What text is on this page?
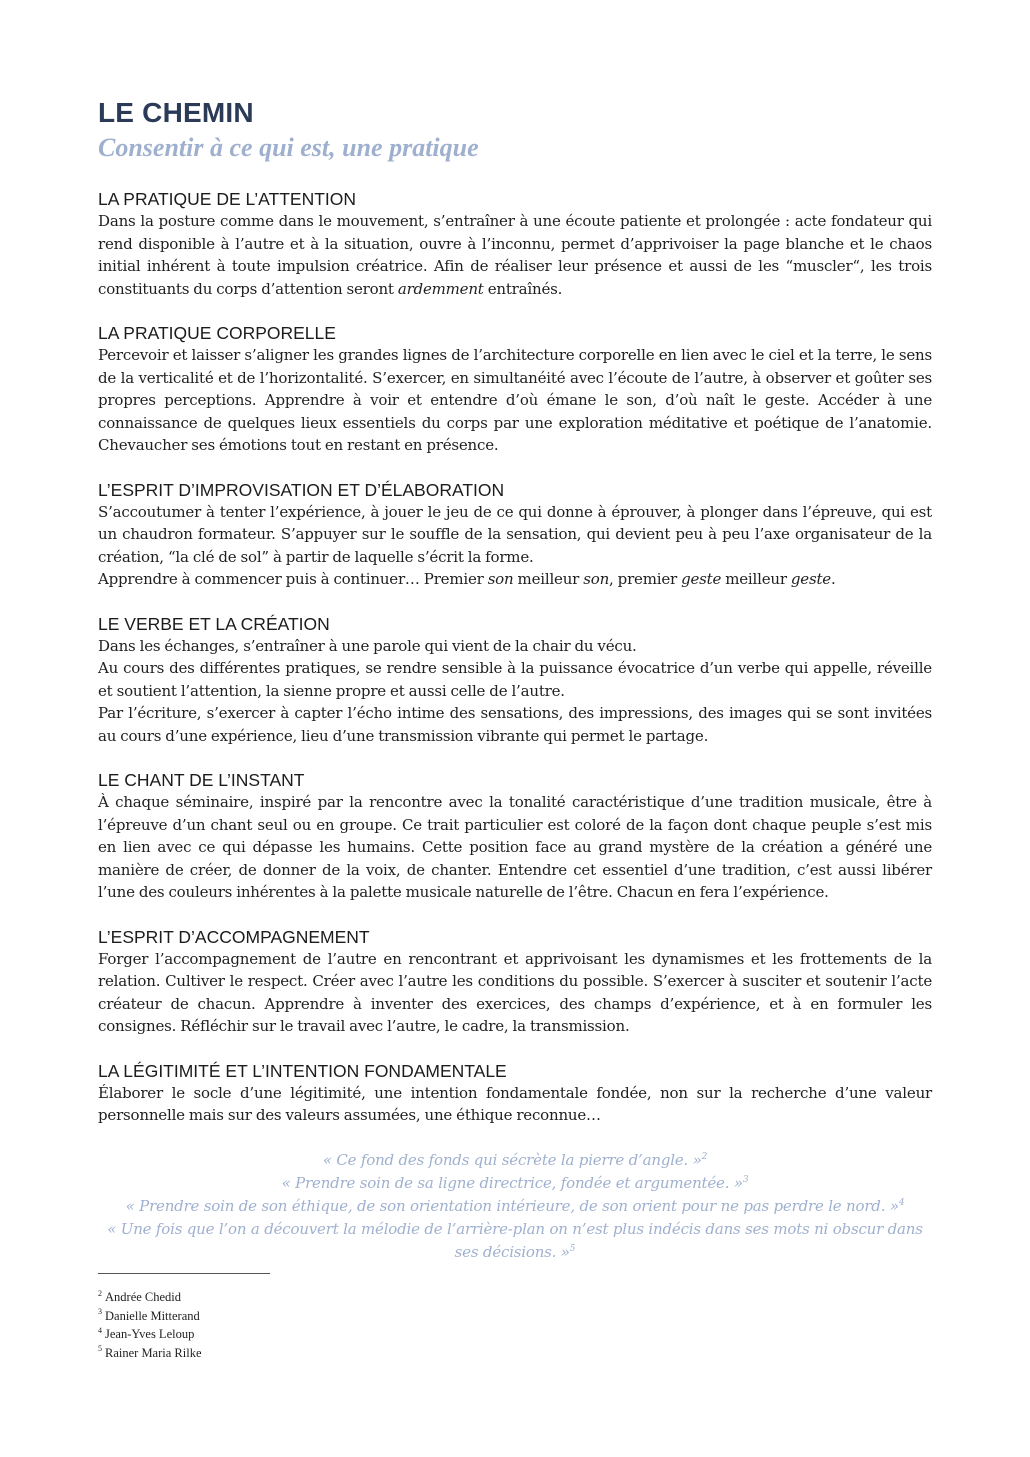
LE CHEMIN
Consentir à ce qui est, une pratique
LA PRATIQUE DE L’ATTENTION

Dans la posture comme dans le mouvement, s’entraîner à une écoute patiente et prolongée : acte fondateur qui rend disponible à l’autre et à la situation, ouvre à l’inconnu, permet d’apprivoiser la page blanche et le chaos initial inhérent à toute impulsion créatrice. Afin de réaliser leur présence et aussi de les “muscler“, les trois constituants du corps d’attention seront ardemment entraînés.

LA PRATIQUE CORPORELLE

Percevoir et laisser s’aligner les grandes lignes de l’architecture corporelle en lien avec le ciel et la terre, le sens de la verticalité et de l’horizontalité. S’exercer, en simultanéité avec l’écoute de l’autre, à observer et goûter ses propres perceptions. Apprendre à voir et entendre d’où émane le son, d’où naît le geste. Accéder à une connaissance de quelques lieux essentiels du corps par une exploration méditative et poétique de l’anatomie. Chevaucher ses émotions tout en restant en présence.

L’ESPRIT D’IMPROVISATION ET D’ÉLABORATION

S’accoutumer à tenter l’expérience, à jouer le jeu de ce qui donne à éprouver, à plonger dans l’épreuve, qui est un chaudron formateur. S’appuyer sur le souffle de la sensation, qui devient peu à peu l’axe organisateur de la création, “la clé de sol” à partir de laquelle s’écrit la forme.

Apprendre à commencer puis à continuer… Premier son meilleur son, premier geste meilleur geste.

LE VERBE ET LA CRÉATION

Dans les échanges, s’entraîner à une parole qui vient de la chair du vécu.

Au cours des différentes pratiques, se rendre sensible à la puissance évocatrice d’un verbe qui appelle, réveille et soutient l’attention, la sienne propre et aussi celle de l’autre.

Par l’écriture, s’exercer à capter l’écho intime des sensations, des impressions, des images qui se sont invitées au cours d’une expérience, lieu d’une transmission vibrante qui permet le partage.

LE CHANT DE L’INSTANT

À chaque séminaire, inspiré par la rencontre avec la tonalité caractéristique d’une tradition musicale, être à l’épreuve d’un chant seul ou en groupe. Ce trait particulier est coloré de la façon dont chaque peuple s’est mis en lien avec ce qui dépasse les humains. Cette position face au grand mystère de la création a généré une manière de créer, de donner de la voix, de chanter. Entendre cet essentiel d’une tradition, c’est aussi libérer l’une des couleurs inhérentes à la palette musicale naturelle de l’être. Chacun en fera l’expérience.

L’ESPRIT D’ACCOMPAGNEMENT

Forger l’accompagnement de l’autre en rencontrant et apprivoisant les dynamismes et les frottements de la relation. Cultiver le respect. Créer avec l’autre les conditions du possible. S’exercer à susciter et soutenir l’acte créateur de chacun. Apprendre à inventer des exercices, des champs d’expérience, et à en formuler les consignes. Réfléchir sur le travail avec l’autre, le cadre, la transmission.

LA LÉGITIMITÉ ET L’INTENTION FONDAMENTALE

Élaborer le socle d’une légitimité, une intention fondamentale fondée, non sur la recherche d’une valeur personnelle mais sur des valeurs assumées, une éthique reconnue…

« Ce fond des fonds qui sécrète la pierre d’angle. »$^2$
« Prendre soin de sa ligne directrice, fondée et argumentée. »$^3$
« Prendre soin de son éthique, de son orientation intérieure, de son orient pour ne pas perdre le nord. »$^4$
« Une fois que l’on a découvert la mélodie de l’arrière-plan on n’est plus indécis dans ses mots ni obscur dans ses décisions. »$^5$
$^2$ Andrée Chedid
$^3$ Danielle Mitterand
$^4$ Jean-Yves Leloup
$^5$ Rainer Maria Rilke
